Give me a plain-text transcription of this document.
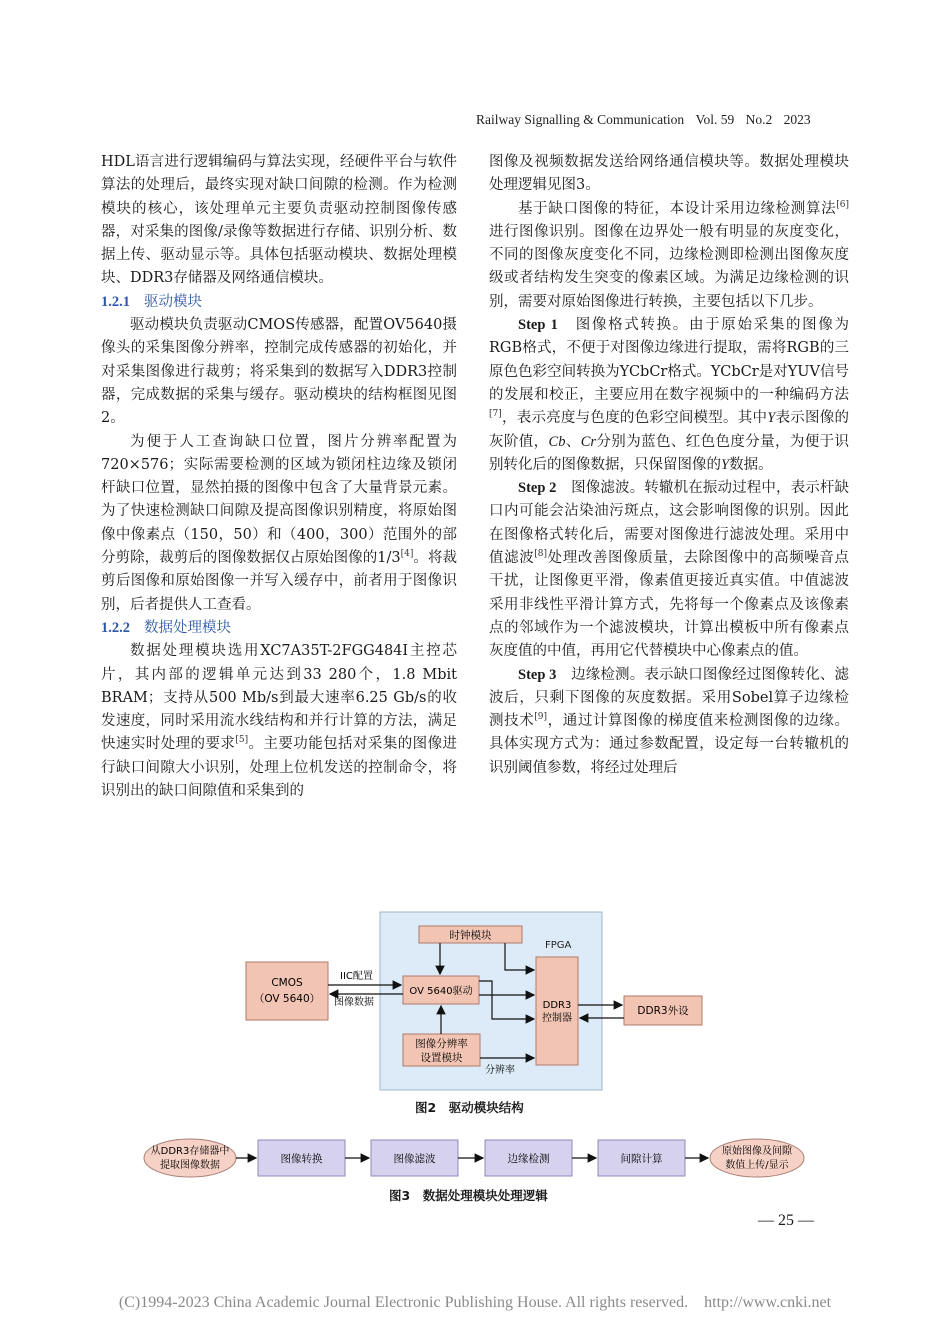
Railway Signalling & Communication Vol. 59 No.2 2023

HDL语言进行逻辑编码与算法实现，经硬件平台与软件算法的处理后，最终实现对缺口间隙的检测。作为检测模块的核心，该处理单元主要负责驱动控制图像传感器，对采集的图像/录像等数据进行存储、识别分析、数据上传、驱动显示等。具体包括驱动模块、数据处理模块、DDR3存储器及网络通信模块。

1.2.1 驱动模块

驱动模块负责驱动CMOS传感器，配置OV5640摄像头的采集图像分辨率，控制完成传感器的初始化，并对采集图像进行裁剪；将采集到的数据写入DDR3控制器，完成数据的采集与缓存。驱动模块的结构框图见图2。

为便于人工查询缺口位置，图片分辨率配置为720×576；实际需要检测的区域为锁闭柱边缘及锁闭杆缺口位置，显然拍摄的图像中包含了大量背景元素。为了快速检测缺口间隙及提高图像识别精度，将原始图像中像素点（150，50）和（400，300）范围外的部分剪除，裁剪后的图像数据仅占原始图像的1/3[4]。将裁剪后图像和原始图像一并写入缓存中，前者用于图像识别，后者提供人工查看。

1.2.2 数据处理模块

数据处理模块选用XC7A35T-2FGG484I主控芯片，其内部的逻辑单元达到33 280个，1.8 Mbit BRAM；支持从500 Mb/s到最大速率6.25 Gb/s的收发速度，同时采用流水线结构和并行计算的方法，满足快速实时处理的要求[5]。主要功能包括对采集的图像进行缺口间隙大小识别，处理上位机发送的控制命令，将识别出的缺口间隙值和采集到的

图像及视频数据发送给网络通信模块等。数据处理模块处理逻辑见图3。

基于缺口图像的特征，本设计采用边缘检测算法[6]进行图像识别。图像在边界处一般有明显的灰度变化，不同的图像灰度变化不同，边缘检测即检测出图像灰度级或者结构发生突变的像素区域。为满足边缘检测的识别，需要对原始图像进行转换，主要包括以下几步。

Step 1　 图像格式转换。由于原始采集的图像为RGB格式，不便于对图像边缘进行提取，需将RGB的三原色色彩空间转换为YCbCr格式。YCbCr是对YUV信号的发展和校正，主要应用在数字视频中的一种编码方法[7]，表示亮度与色度的色彩空间模型。其中Y表示图像的灰阶值，Cb、Cr分别为蓝色、红色色度分量，为便于识别转化后的图像数据，只保留图像的Y数据。

Step 2　 图像滤波。转辙机在振动过程中，表示杆缺口内可能会沾染油污斑点，这会影响图像的识别。因此在图像格式转化后，需要对图像进行滤波处理。采用中值滤波[8]处理改善图像质量，去除图像中的高频噪音点干扰，让图像更平滑，像素值更接近真实值。中值滤波采用非线性平滑计算方式，先将每一个像素点及该像素点的邻域作为一个滤波模块，计算出模板中所有像素点灰度值的中值，再用它代替模块中心像素点的值。

Step 3　 边缘检测。表示缺口图像经过图像转化、滤波后，只剩下图像的灰度数据。采用Sobel算子边缘检测技术[9]，通过计算图像的梯度值来检测图像的边缘。具体实现方式为：通过参数配置，设定每一台转辙机的识别阈值参数，将经过处理后

FPGA
时钟模块
CMOS
（OV 5640）
OV 5640驱动
DDR3
控制器
DDR3外设
图像分辨率
设置模块
IIC配置
图像数据
分辨率
图2　驱动模块结构
从DDR3存储器中
提取图像数据
图像转换	图像滤波	边缘检测	间隙计算
原始图像及间隙
数值上传/显示
图3　数据处理模块处理逻辑
— 25 —
(C)1994-2023 China Academic Journal Electronic Publishing House. All rights reserved.　http://www.cnki.net
